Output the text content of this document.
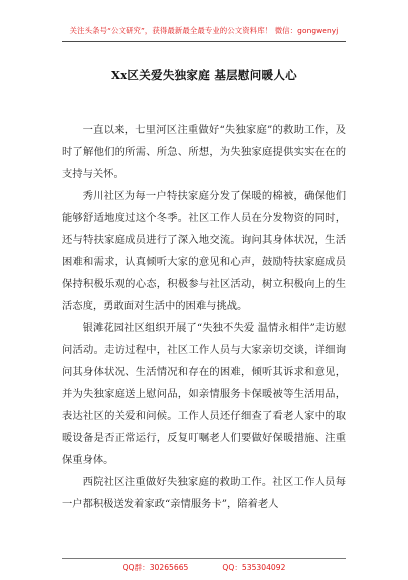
关注头条号“公文研究”，获得最新最全最专业的公文资料库！ 微信：gongwenyj
Xx区关爱失独家庭 基层慰问暖人心

一直以来，七里河区注重做好“失独家庭”的救助工作，及时了解他们的所需、所急、所想，为失独家庭提供实实在在的支持与关怀。

秀川社区为每一户特扶家庭分发了保暖的棉被，确保他们能够舒适地度过这个冬季。社区工作人员在分发物资的同时，还与特扶家庭成员进行了深入地交流。询问其身体状况，生活困难和需求，认真倾听大家的意见和心声，鼓励特扶家庭成员保持积极乐观的心态，积极参与社区活动，树立积极向上的生活态度，勇敢面对生活中的困难与挑战。

银滩花园社区组织开展了“失独不失爱 温情永相伴”走访慰问活动。走访过程中，社区工作人员与大家亲切交谈，详细询问其身体状况、生活情况和存在的困难，倾听其诉求和意见，并为失独家庭送上慰问品，如亲情服务卡保暖被等生活用品，表达社区的关爱和问候。工作人员还仔细查了看老人家中的取暖设备是否正常运行，反复叮嘱老人们要做好保暖措施、注重保重身体。

西院社区注重做好失独家庭的救助工作。社区工作人员每一户都积极送发着家政“亲情服务卡”，陪着老人

QQ群：30265665	QQ：535304092
